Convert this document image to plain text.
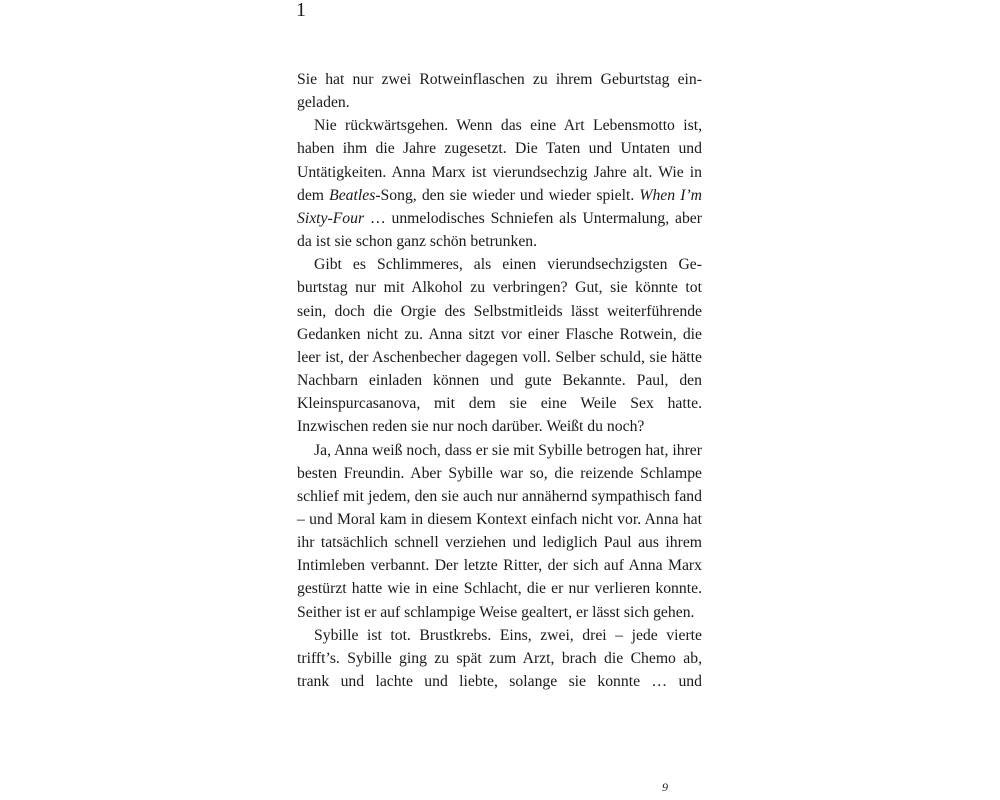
1

Sie hat nur zwei Rotweinflaschen zu ihrem Geburtstag eingeladen.

Nie rückwärtsgehen. Wenn das eine Art Lebensmotto ist, haben ihm die Jahre zugesetzt. Die Taten und Untaten und Untätigkeiten. Anna Marx ist vierundsechzig Jahre alt. Wie in dem Beatles-Song, den sie wieder und wieder spielt. When I’m Sixty-Four … unmelodisches Schniefen als Untermalung, aber da ist sie schon ganz schön betrunken.

Gibt es Schlimmeres, als einen vierundsechzigsten Geburtstag nur mit Alkohol zu verbringen? Gut, sie könnte tot sein, doch die Orgie des Selbstmitleids lässt weiterführende Gedanken nicht zu. Anna sitzt vor einer Flasche Rotwein, die leer ist, der Aschenbecher dagegen voll. Selber schuld, sie hätte Nachbarn einladen können und gute Bekannte. Paul, den Kleinspurcasanova, mit dem sie eine Weile Sex hatte. Inzwischen reden sie nur noch darüber. Weißt du noch?

Ja, Anna weiß noch, dass er sie mit Sybille betrogen hat, ihrer besten Freundin. Aber Sybille war so, die reizende Schlampe schlief mit jedem, den sie auch nur annähernd sympathisch fand – und Moral kam in diesem Kontext einfach nicht vor. Anna hat ihr tatsächlich schnell verziehen und lediglich Paul aus ihrem Intimleben verbannt. Der letzte Ritter, der sich auf Anna Marx gestürzt hatte wie in eine Schlacht, die er nur verlieren konnte. Seither ist er auf schlampige Weise gealtert, er lässt sich gehen.

Sybille ist tot. Brustkrebs. Eins, zwei, drei – jede vierte trifft’s. Sybille ging zu spät zum Arzt, brach die Chemo ab, trank und lachte und liebte, solange sie konnte … und

9
